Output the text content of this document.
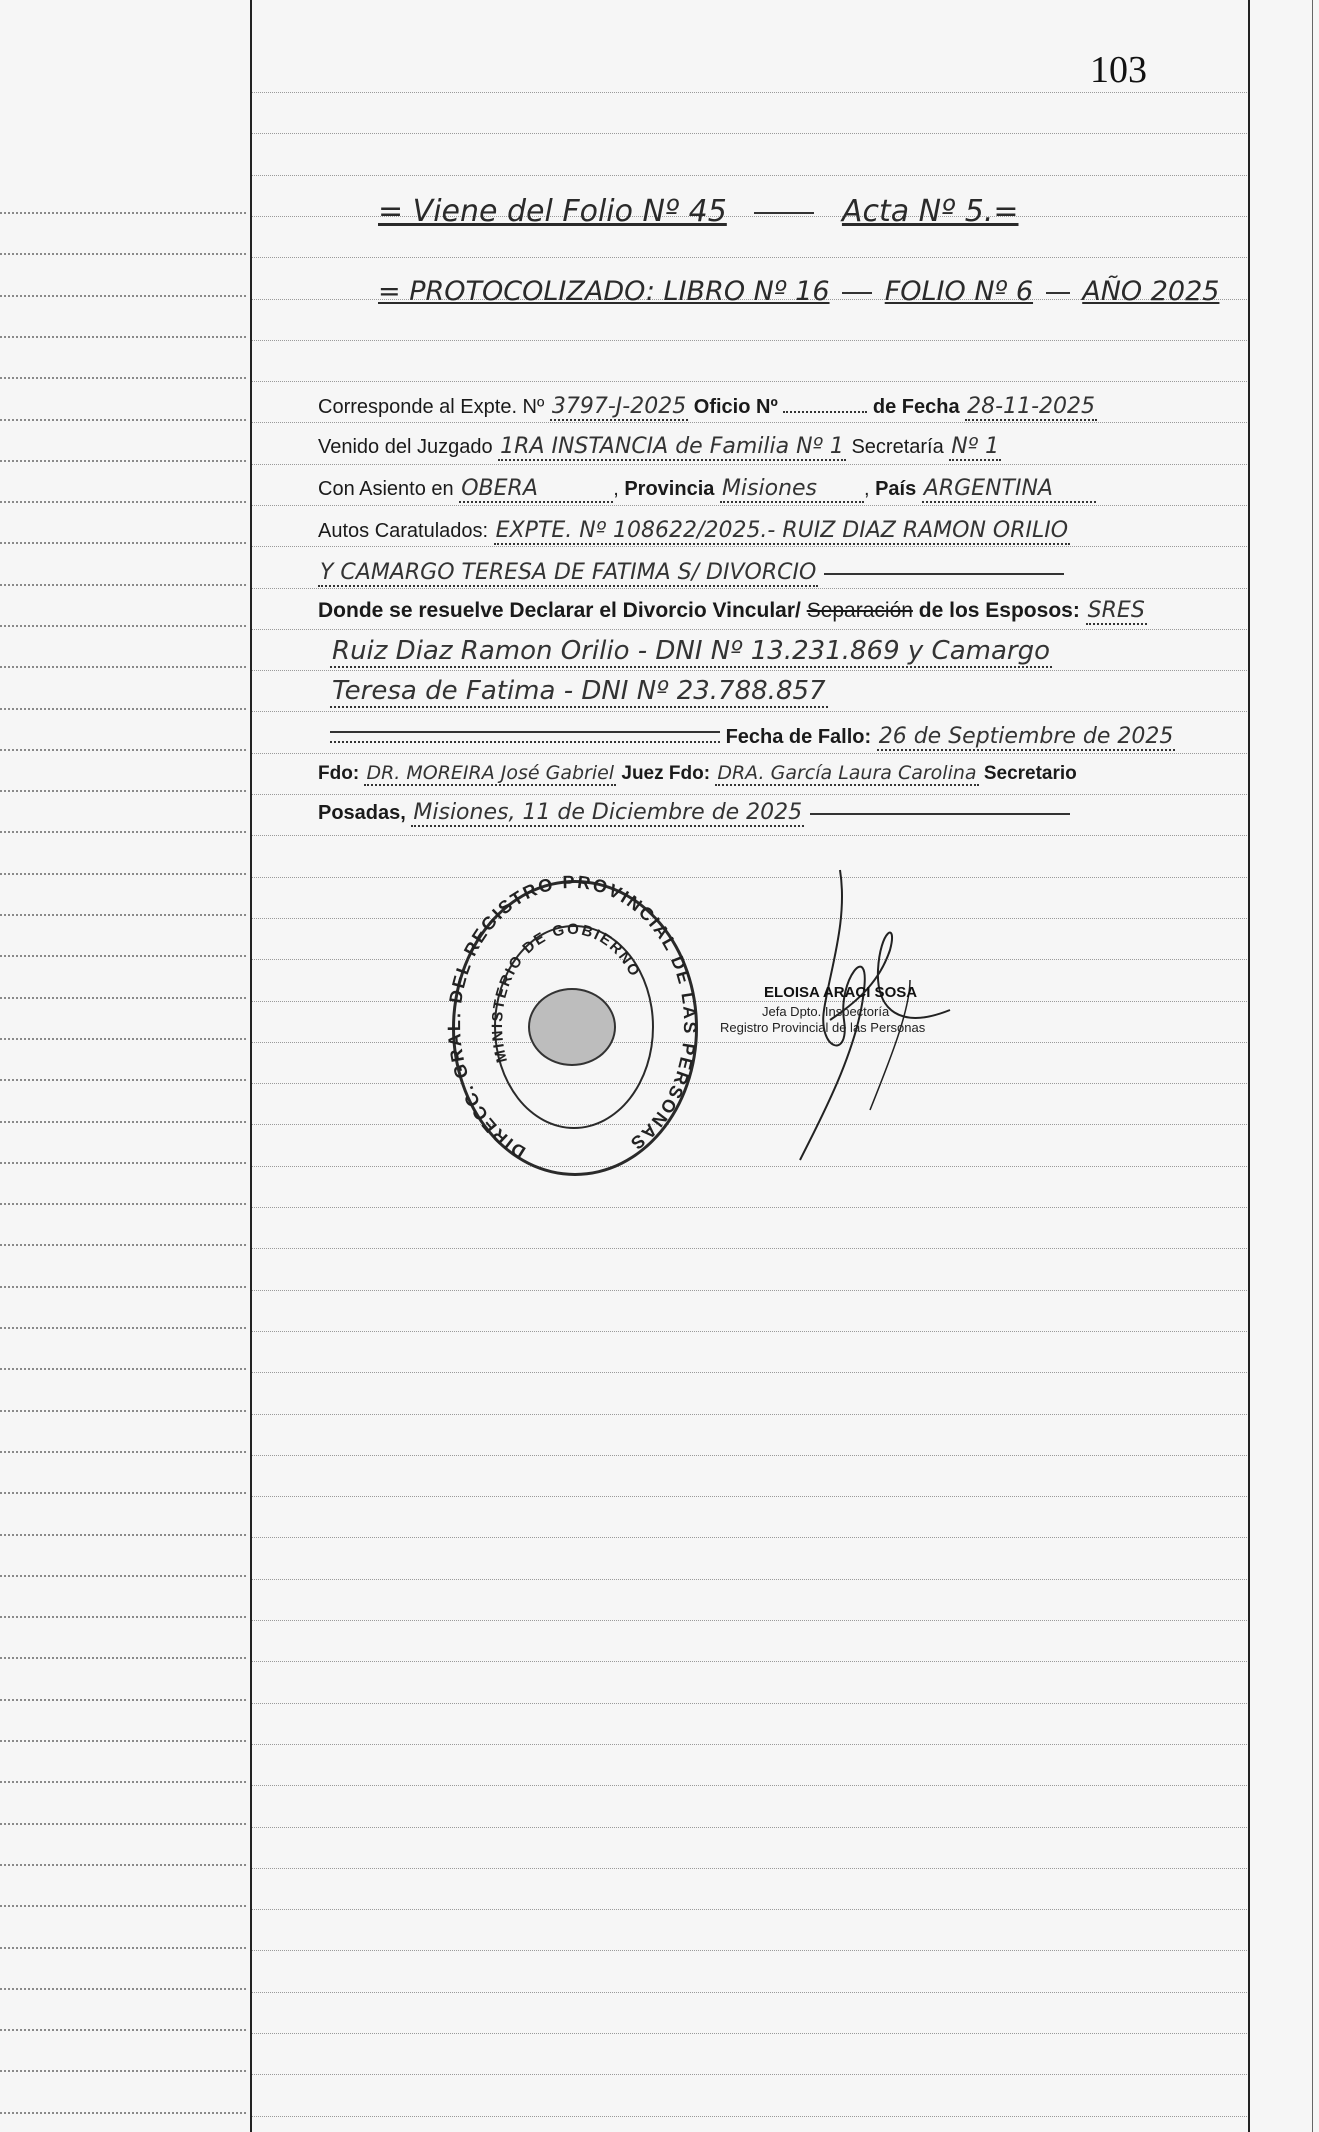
103
= Viene del Folio Nº 45	Acta Nº 5.=
= PROTOCOLIZADO: LIBRO Nº 16 FOLIO Nº 6 AÑO 2025
Corresponde al Expte. Nº 3797-J-2025 Oficio Nº	de Fecha 28-11-2025
Venido del Juzgado 1RA INSTANCIA de Familia Nº 1 Secretaría Nº 1
Con Asiento en OBERA	, Provincia Misiones , País ARGENTINA
Autos Caratulados: EXPTE. Nº 108622/2025.- RUIZ DIAZ RAMON ORILIO
Y CAMARGO TERESA DE FATIMA S/ DIVORCIO
Donde se resuelve Declarar el Divorcio Vincular/ Separación de los Esposos: SRES
Ruiz Diaz Ramon Orilio - DNI Nº 13.231.869 y Camargo
Teresa de Fatima - DNI Nº 23.788.857
Fecha de Fallo: 26 de Septiembre de 2025
Fdo: DR. MOREIRA José Gabriel Juez Fdo: DRA. García Laura Carolina Secretario
Posadas, Misiones, 11 de Diciembre de 2025
DIRECC. GRAL. DEL REGISTRO PROVINCIAL DE LAS PERSONAS
MINISTERIO DE GOBIERNO
ELOISA ARACI SOSA
Jefa Dpto. Inspectoría
Registro Provincial de las Personas
